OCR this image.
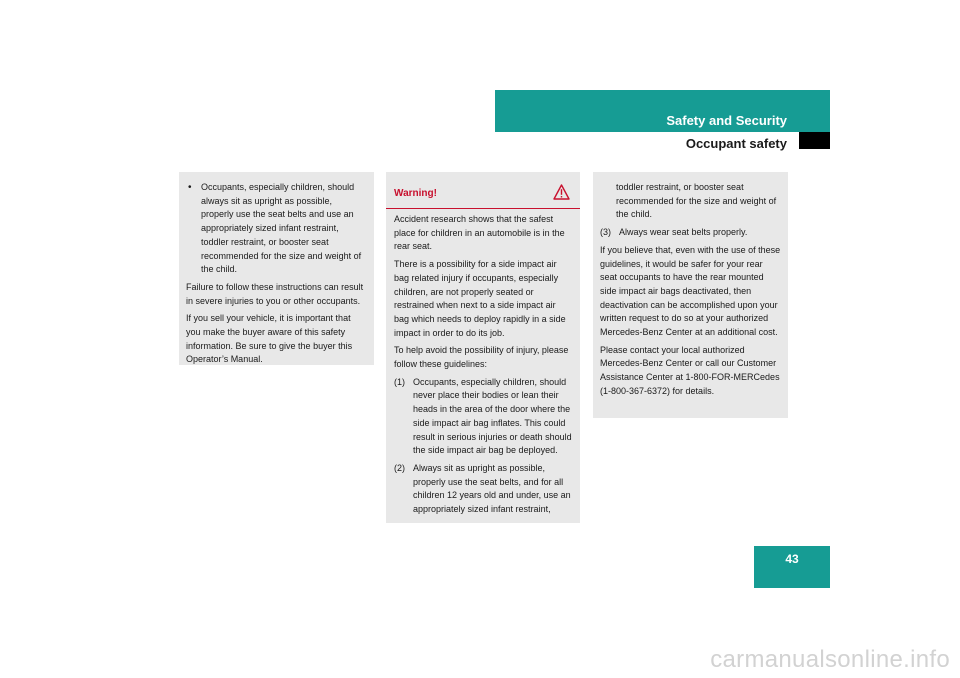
Safety and Security
Occupant safety
•	Occupants, especially children, should always sit as upright as possible, properly use the seat belts and use an appropriately sized infant restraint, toddler restraint, or booster seat recommended for the size and weight of the child.

Failure to follow these instructions can result in severe injuries to you or other occupants.

If you sell your vehicle, it is important that you make the buyer aware of this safety information. Be sure to give the buyer this Operator’s Manual.

Warning!

Accident research shows that the safest place for children in an automobile is in the rear seat.

There is a possibility for a side impact air bag related injury if occupants, especially children, are not properly seated or restrained when next to a side impact air bag which needs to deploy rapidly in a side impact in order to do its job.

To help avoid the possibility of injury, please follow these guidelines:

(1) Occupants, especially children, should never place their bodies or lean their heads in the area of the door where the side impact air bag inflates. This could result in serious injuries or death should the side impact air bag be deployed.
(2) Always sit as upright as possible, properly use the seat belts, and for all children 12 years old and under, use an appropriately sized infant restraint,

toddler restraint, or booster seat recommended for the size and weight of the child.

(3) Always wear seat belts properly.

If you believe that, even with the use of these guidelines, it would be safer for your rear seat occupants to have the rear mounted side impact air bags deactivated, then deactivation can be accomplished upon your written request to do so at your authorized Mercedes-Benz Center at an additional cost.

Please contact your local authorized Mercedes-Benz Center or call our Customer Assistance Center at 1-800-FOR-MERCedes (1-800-367-6372) for details.

43
carmanualsonline.info
